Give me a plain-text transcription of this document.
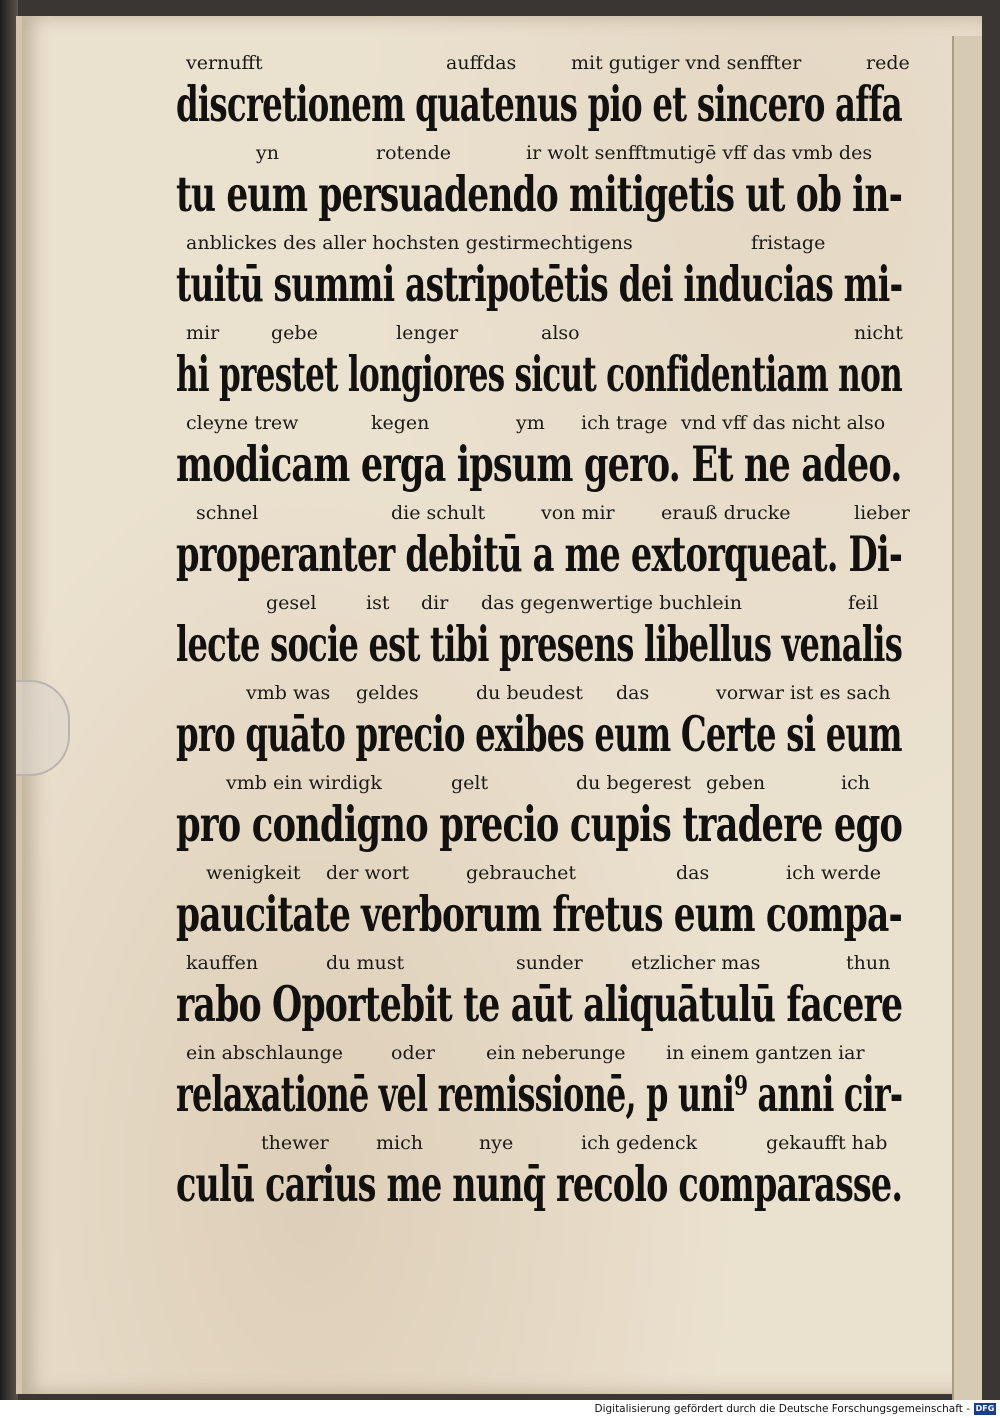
vernufft	auffdas	mit gutiger vnd senffter	rede
discretionem quatenus pio et sincero affa
yn	rotende	ir wolt senfftmutigē vff das vmb des
tu eum persuadendo mitigetis ut ob in-
anblickes des aller hochsten gestirmechtigens	fristage
tuitū summi astripotētis dei inducias mi-
mir	gebe	lenger	also	nicht
hi prestet longiores sicut confidentiam non
cleyne trew	kegen	ym ich trage vnd vff das nicht also
modicam erga ipsum gero. Et ne adeo.
schnel	die schult	von mir erauß drucke	lieber
properanter debitū a me extorqueat. Di-
gesel	ist dir das gegenwertige buchlein	feil
lecte socie est tibi presens libellus venalis
vmb was geldes	du beudest das	vorwar ist es sach
pro quāto precio exibes eum Certe si eum
vmb ein wirdigk	gelt	du begerest geben	ich
pro condigno precio cupis tradere ego
wenigkeit der wort	gebrauchet	das	ich werde
paucitate verborum fretus eum compa-
kauffen	du must	sunder	etzlicher mas	thun
rabo Oportebit te aūt aliquātulū facere
ein abschlaunge	oder	ein neberunge in einem gantzen iar
relaxationē vel remissionē, p uni⁹ anni cir-
thewer mich	nye	ich gedenck	gekaufft hab
culū carius me nunq̄ recolo comparasse.
Digitalisierung gefördert durch die Deutsche Forschungsgemeinschaft - DFG
